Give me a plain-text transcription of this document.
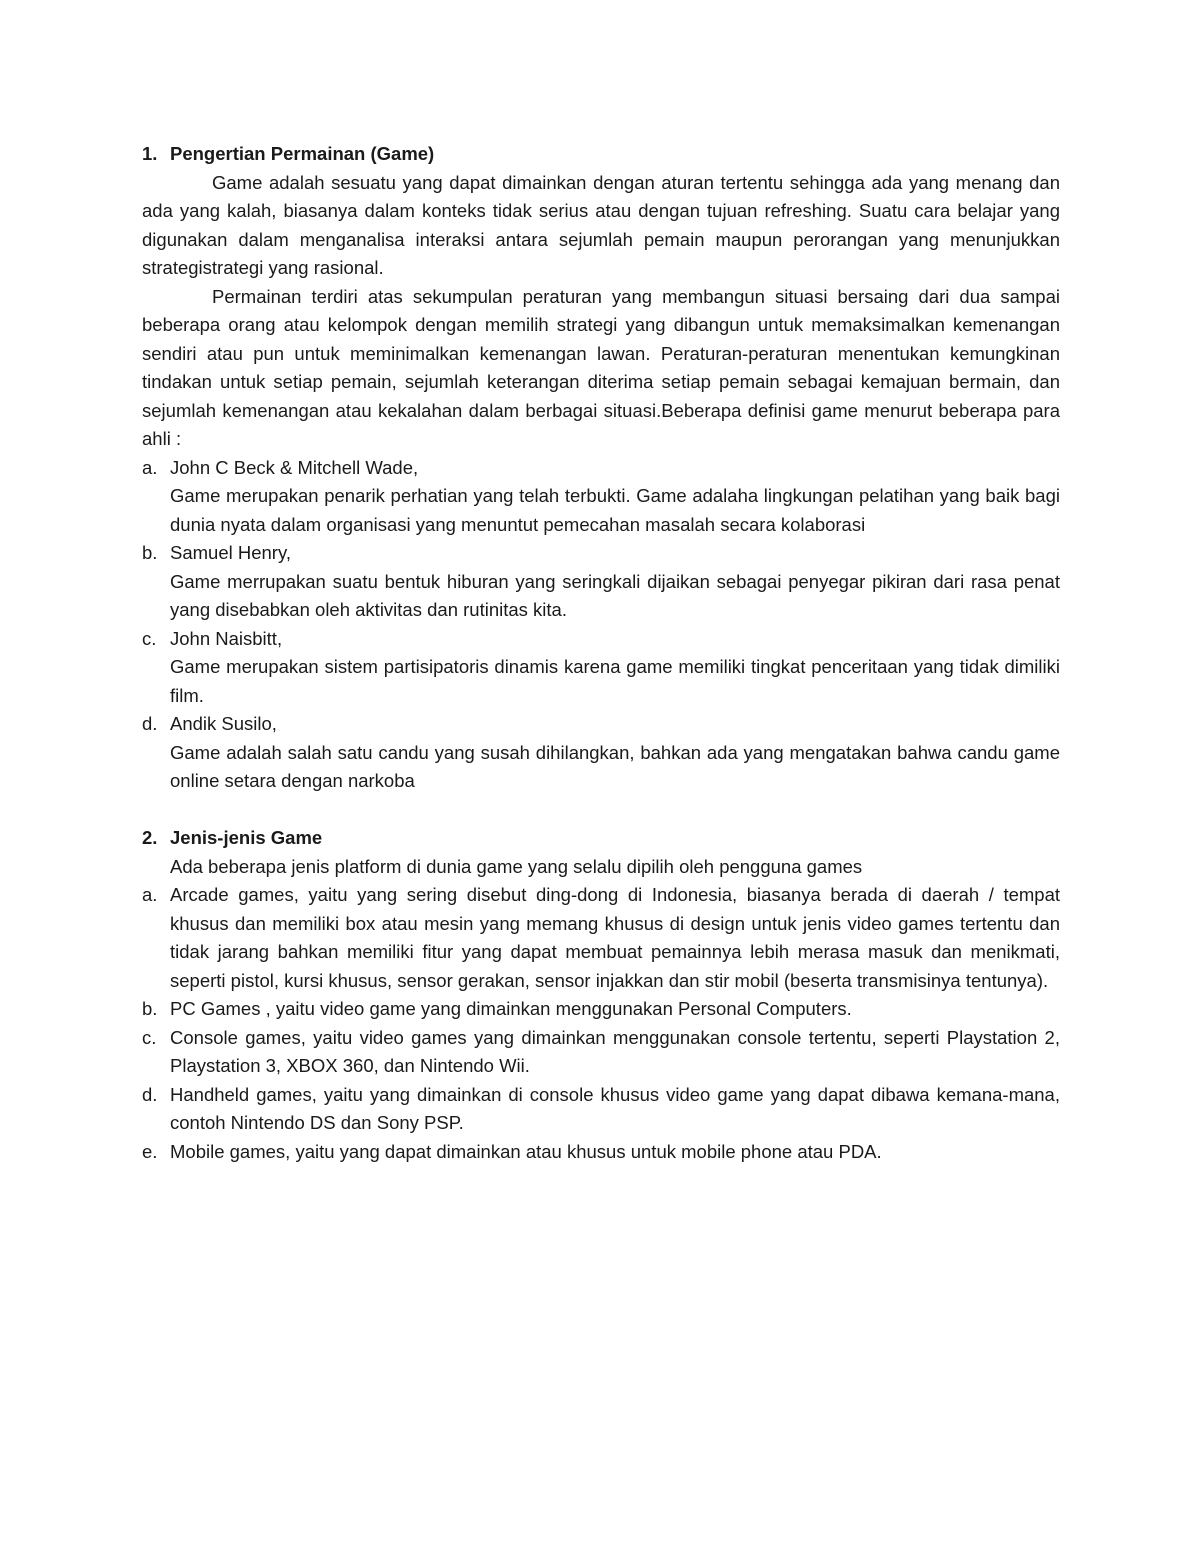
1. Pengertian Permainan (Game)

Game adalah sesuatu yang dapat dimainkan dengan aturan tertentu sehingga ada yang menang dan ada yang kalah, biasanya dalam konteks tidak serius atau dengan tujuan refreshing. Suatu cara belajar yang digunakan dalam menganalisa interaksi antara sejumlah pemain maupun perorangan yang menunjukkan strategistrategi yang rasional.

Permainan terdiri atas sekumpulan peraturan yang membangun situasi bersaing dari dua sampai beberapa orang atau kelompok dengan memilih strategi yang dibangun untuk memaksimalkan kemenangan sendiri atau pun untuk meminimalkan kemenangan lawan. Peraturan-peraturan menentukan kemungkinan tindakan untuk setiap pemain, sejumlah keterangan diterima setiap pemain sebagai kemajuan bermain, dan sejumlah kemenangan atau kekalahan dalam berbagai situasi.Beberapa definisi game menurut beberapa para ahli :

a. John C Beck & Mitchell Wade,
Game merupakan penarik perhatian yang telah terbukti. Game adalaha lingkungan pelatihan yang baik bagi dunia nyata dalam organisasi yang menuntut pemecahan masalah secara kolaborasi
b. Samuel Henry,
Game merrupakan suatu bentuk hiburan yang seringkali dijaikan sebagai penyegar pikiran dari rasa penat yang disebabkan oleh aktivitas dan rutinitas kita.
c. John Naisbitt,
Game merupakan sistem partisipatoris dinamis karena game memiliki tingkat penceritaan yang tidak dimiliki film.
d. Andik Susilo,
Game adalah salah satu candu yang susah dihilangkan, bahkan ada yang mengatakan bahwa candu game online setara dengan narkoba
2. Jenis-jenis Game

Ada beberapa jenis platform di dunia game yang selalu dipilih oleh pengguna games

a. Arcade games, yaitu yang sering disebut ding-dong di Indonesia, biasanya berada di daerah / tempat khusus dan memiliki box atau mesin yang memang khusus di design untuk jenis video games tertentu dan tidak jarang bahkan memiliki fitur yang dapat membuat pemainnya lebih merasa masuk dan menikmati, seperti pistol, kursi khusus, sensor gerakan, sensor injakkan dan stir mobil (beserta transmisinya tentunya).
b. PC Games , yaitu video game yang dimainkan menggunakan Personal Computers.
c. Console games, yaitu video games yang dimainkan menggunakan console tertentu, seperti Playstation 2, Playstation 3, XBOX 360, dan Nintendo Wii.
d. Handheld games, yaitu yang dimainkan di console khusus video game yang dapat dibawa kemana-mana, contoh Nintendo DS dan Sony PSP.
e. Mobile games, yaitu yang dapat dimainkan atau khusus untuk mobile phone atau PDA.
